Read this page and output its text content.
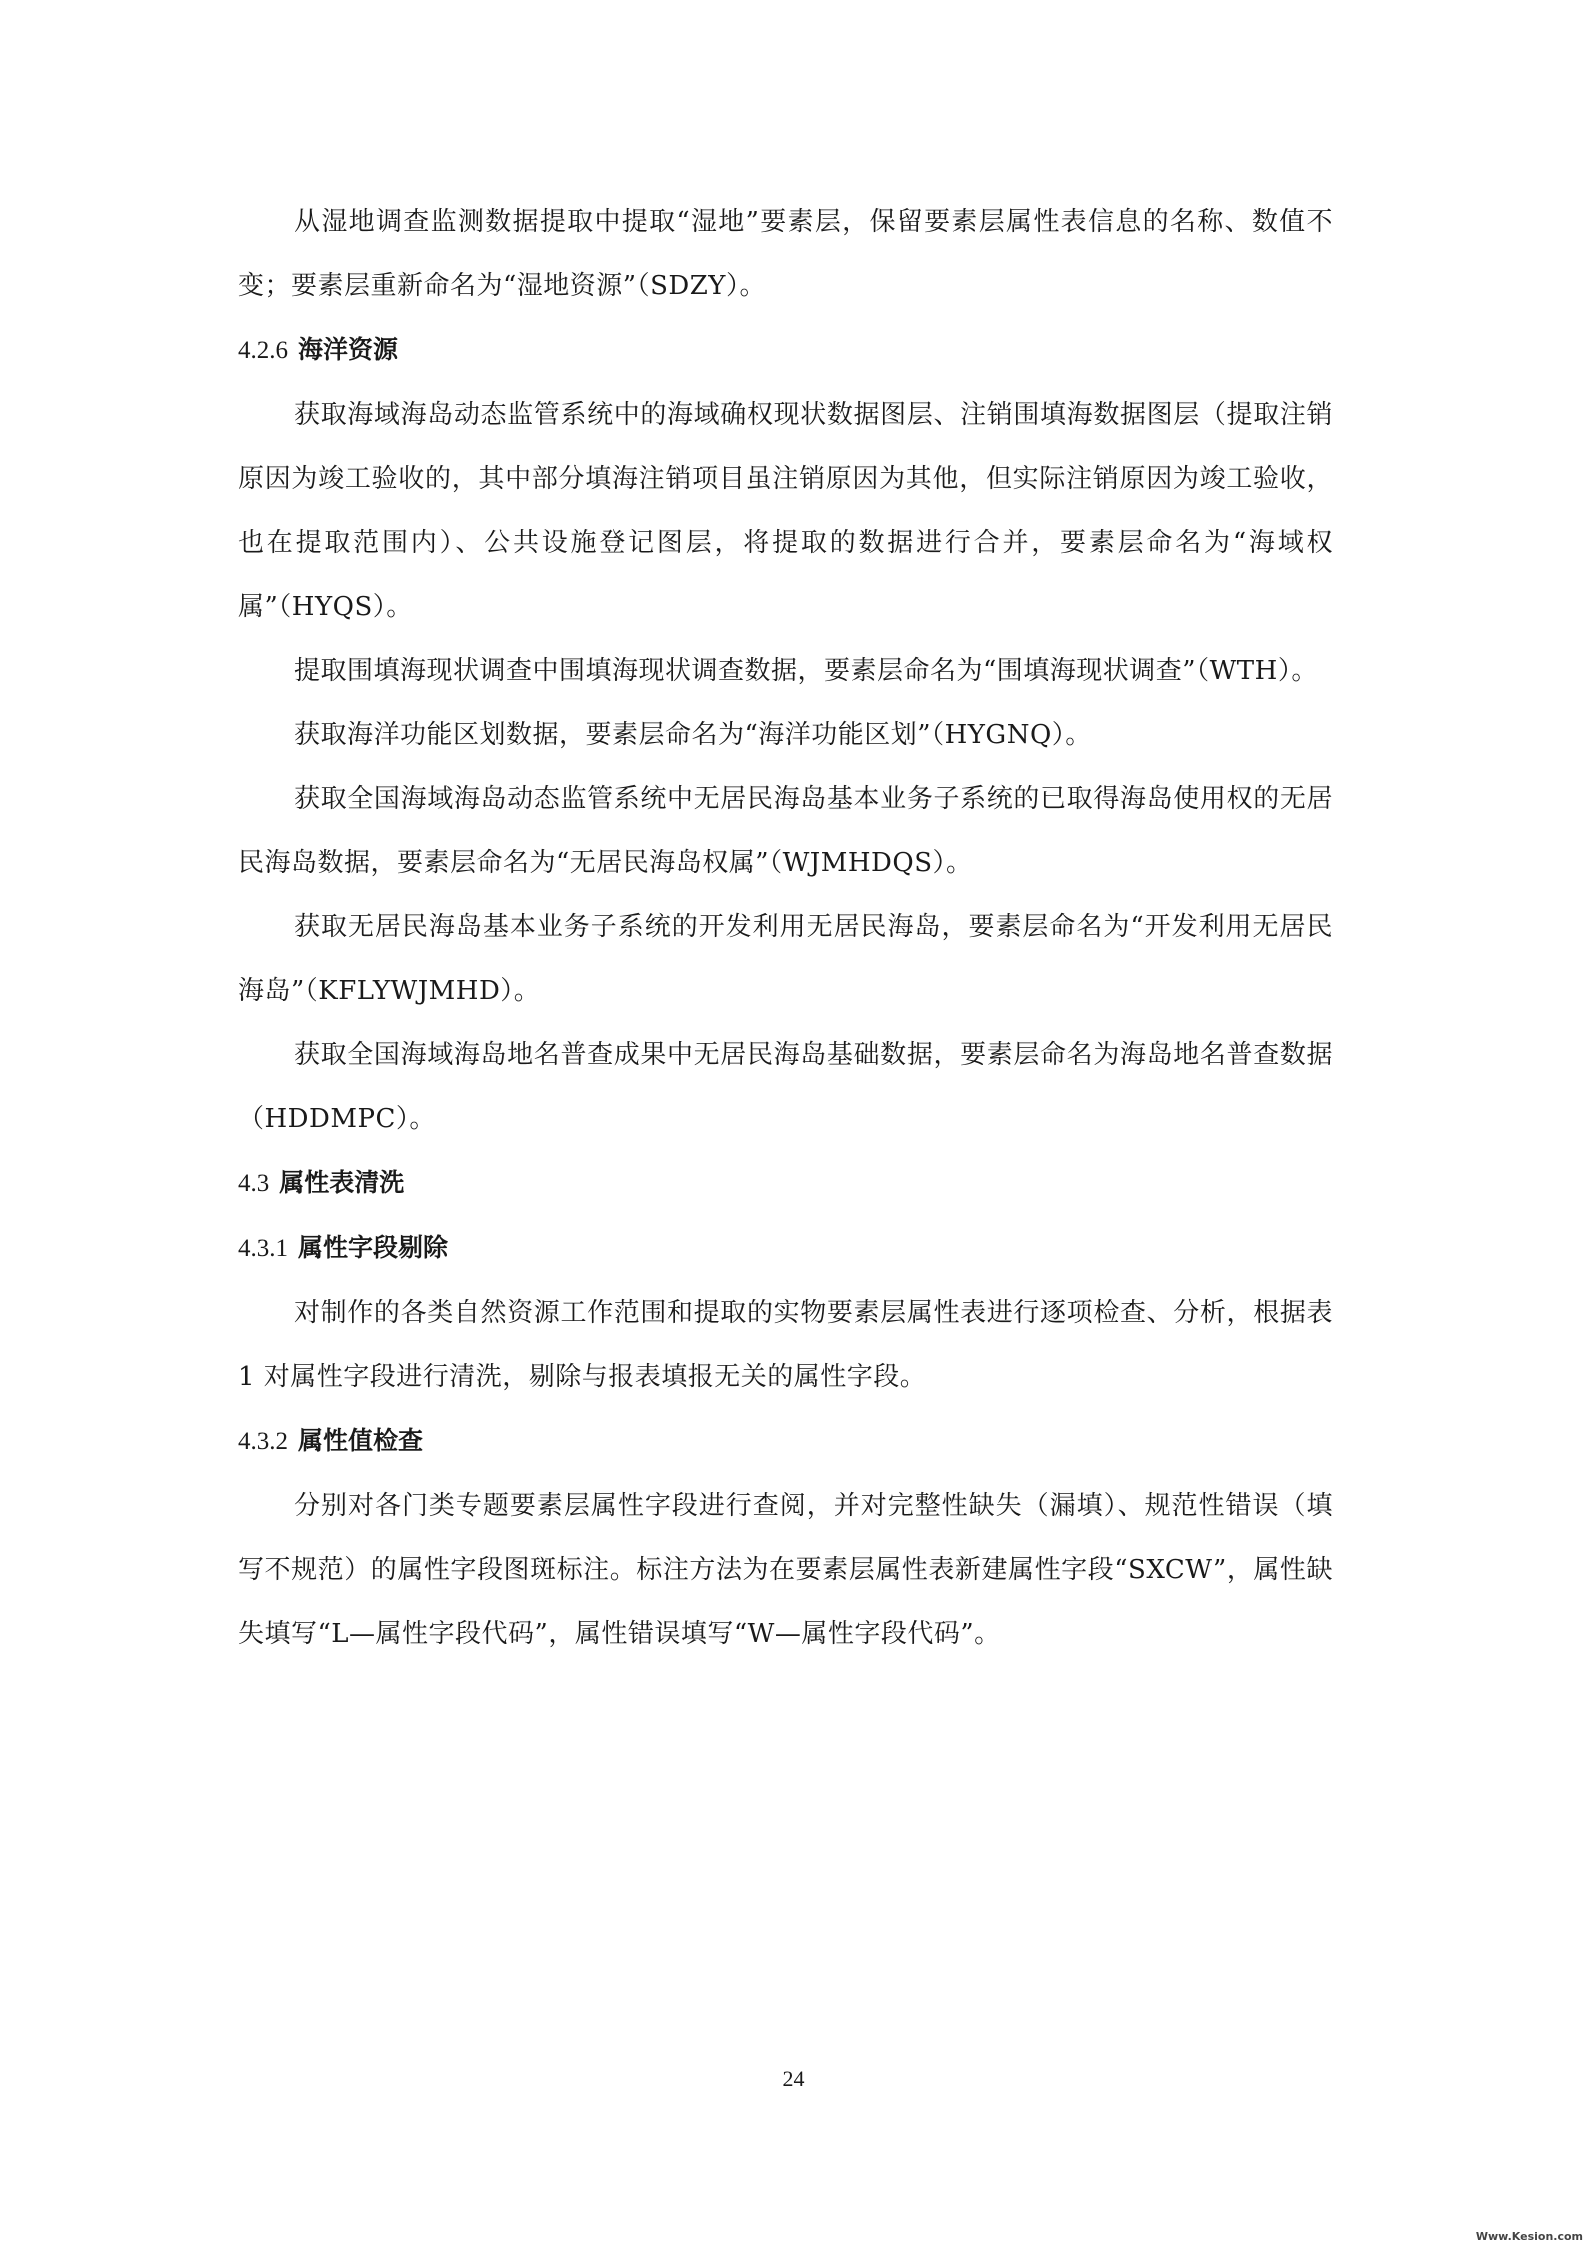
从湿地调查监测数据提取中提取“湿地”要素层，保留要素层属性表信息的名称、数值不变；要素层重新命名为“湿地资源”（SDZY）。

4.2.6 海洋资源

获取海域海岛动态监管系统中的海域确权现状数据图层、注销围填海数据图层（提取注销原因为竣工验收的，其中部分填海注销项目虽注销原因为其他，但实际注销原因为竣工验收，也在提取范围内）、公共设施登记图层，将提取的数据进行合并，要素层命名为“海域权属”（HYQS）。

提取围填海现状调查中围填海现状调查数据，要素层命名为“围填海现状调查”（WTH）。

获取海洋功能区划数据，要素层命名为“海洋功能区划”（HYGNQ）。

获取全国海域海岛动态监管系统中无居民海岛基本业务子系统的已取得海岛使用权的无居民海岛数据，要素层命名为“无居民海岛权属”（WJMHDQS）。

获取无居民海岛基本业务子系统的开发利用无居民海岛，要素层命名为“开发利用无居民海岛”（KFLYWJMHD）。

获取全国海域海岛地名普查成果中无居民海岛基础数据，要素层命名为海岛地名普查数据（HDDMPC）。

4.3 属性表清洗
4.3.1 属性字段剔除

对制作的各类自然资源工作范围和提取的实物要素层属性表进行逐项检查、分析，根据表 1 对属性字段进行清洗，剔除与报表填报无关的属性字段。

4.3.2 属性值检查

分别对各门类专题要素层属性字段进行查阅，并对完整性缺失（漏填）、规范性错误（填写不规范）的属性字段图斑标注。标注方法为在要素层属性表新建属性字段“SXCW”，属性缺失填写“L—属性字段代码”，属性错误填写“W—属性字段代码”。

24
Www.Kesion.com
